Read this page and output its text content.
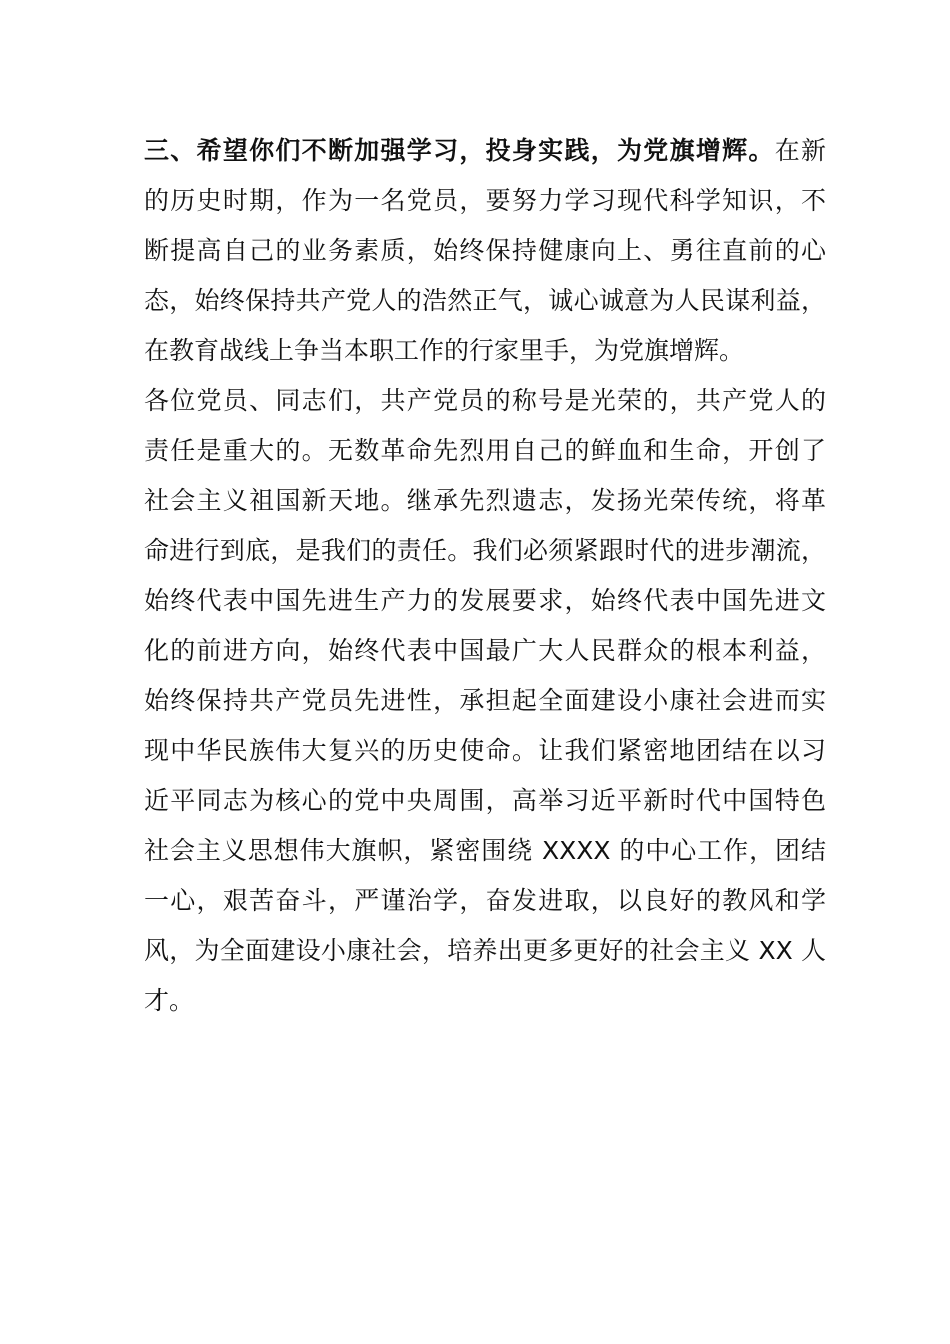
三、希望你们不断加强学习，投身实践，为党旗增辉。在新
的历史时期，作为一名党员，要努力学习现代科学知识，不
断提高自己的业务素质，始终保持健康向上、勇往直前的心
态，始终保持共产党人的浩然正气，诚心诚意为人民谋利益，
在教育战线上争当本职工作的行家里手，为党旗增辉。
各位党员、同志们，共产党员的称号是光荣的，共产党人的
责任是重大的。无数革命先烈用自己的鲜血和生命，开创了
社会主义祖国新天地。继承先烈遗志，发扬光荣传统，将革
命进行到底，是我们的责任。我们必须紧跟时代的进步潮流，
始终代表中国先进生产力的发展要求，始终代表中国先进文
化的前进方向，始终代表中国最广大人民群众的根本利益，
始终保持共产党员先进性，承担起全面建设小康社会进而实
现中华民族伟大复兴的历史使命。让我们紧密地团结在以习
近平同志为核心的党中央周围，高举习近平新时代中国特色
社会主义思想伟大旗帜，紧密围绕 XXXX 的中心工作，团结
一心，艰苦奋斗，严谨治学，奋发进取，以良好的教风和学
风，为全面建设小康社会，培养出更多更好的社会主义 XX 人
才。
